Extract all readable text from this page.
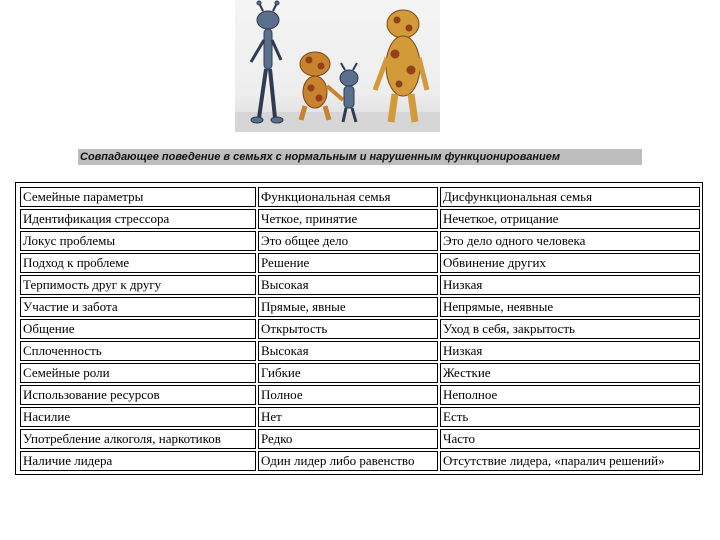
Совпадающее поведение в семьях с нормальным и нарушенным функционированием
Семейные параметры	Функциональная семья	Дисфункциональная семья
Идентификация стрессора	Четкое, принятие	Нечеткое, отрицание
Локус проблемы	Это общее дело	Это дело одного человека
Подход к проблеме	Решение	Обвинение других
Терпимость друг к другу	Высокая	Низкая
Участие и забота	Прямые, явные	Непрямые, неявные
Общение	Открытость	Уход в себя, закрытость
Сплоченность	Высокая	Низкая
Семейные роли	Гибкие	Жесткие
Использование ресурсов	Полное	Неполное
Насилие	Нет	Есть
Употребление алкоголя, наркотиков	Редко	Часто
Наличие лидера	Один лидер либо равенство	Отсутствие лидера, «паралич решений»
